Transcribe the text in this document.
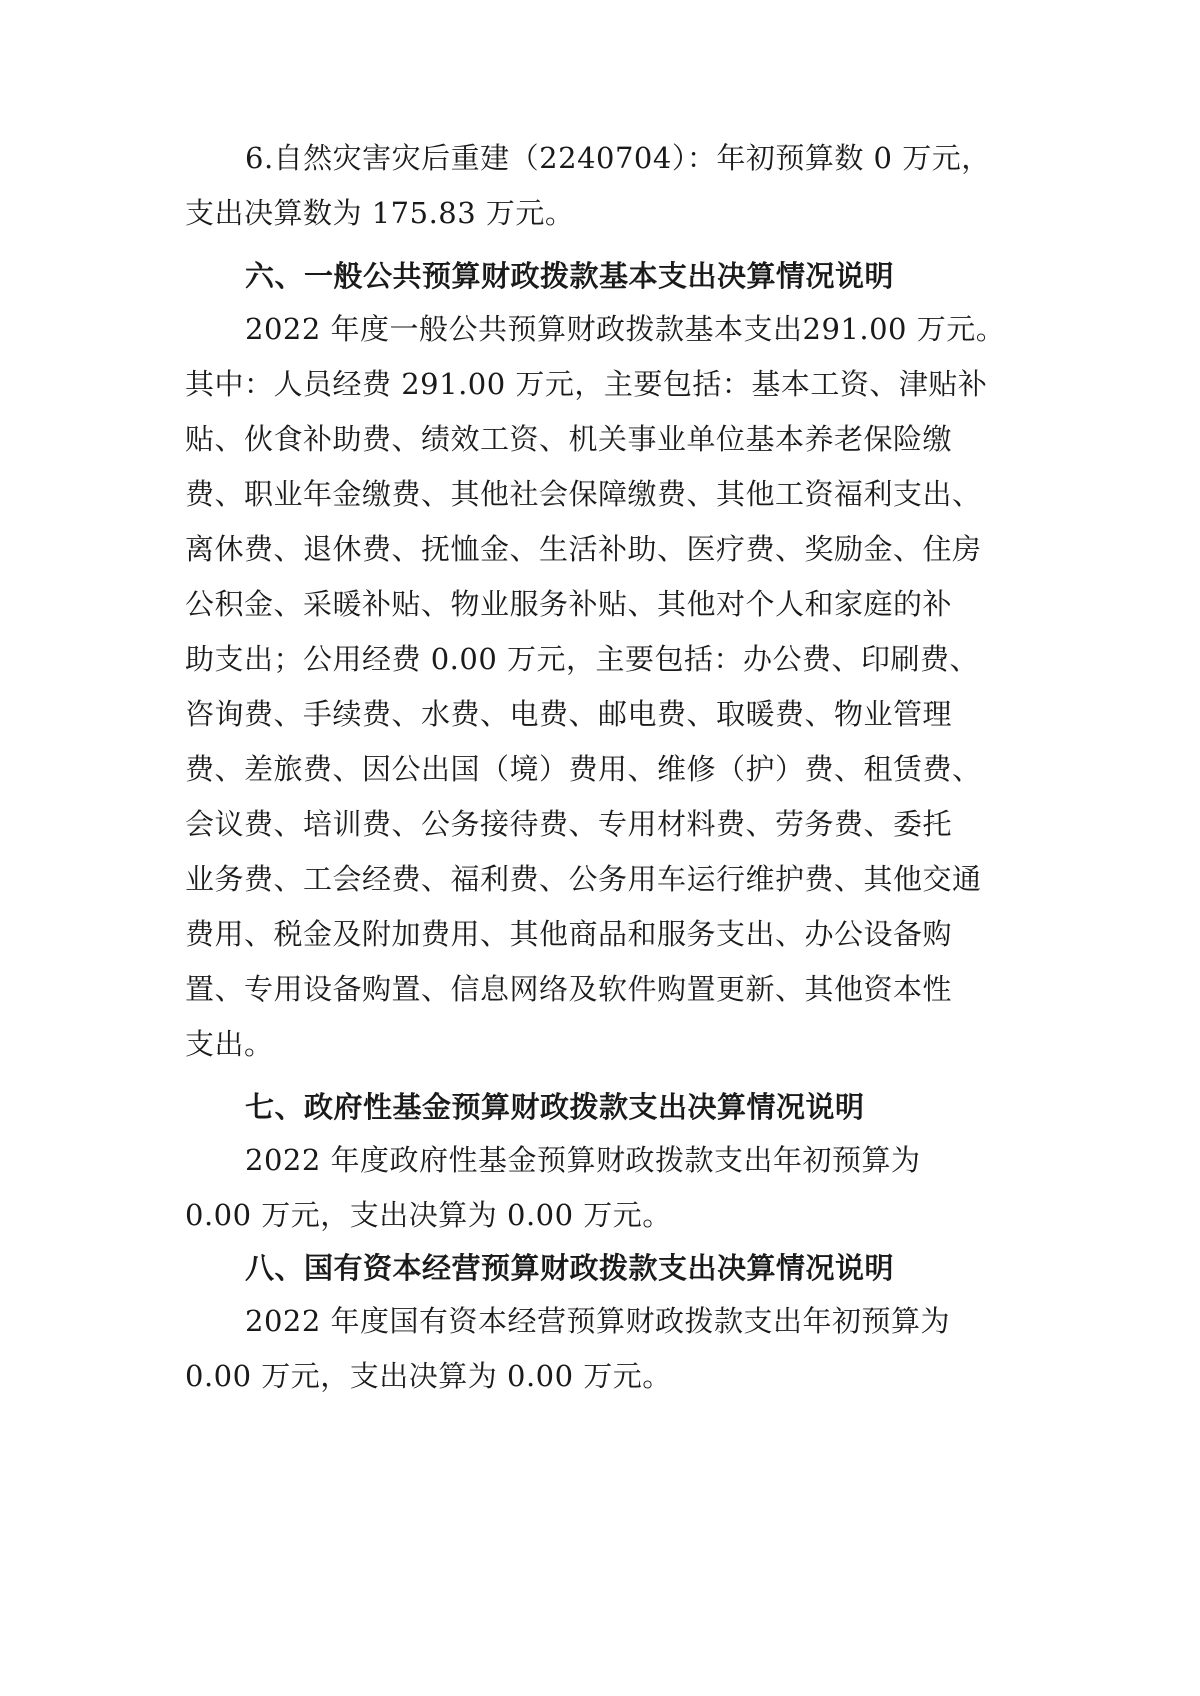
6.自然灾害灾后重建（2240704）：年初预算数 0 万元，
支出决算数为 175.83 万元。
六、一般公共预算财政拨款基本支出决算情况说明
2022 年度一般公共预算财政拨款基本支出291.00 万元。
其中：人员经费 291.00 万元，主要包括：基本工资、津贴补
贴、伙食补助费、绩效工资、机关事业单位基本养老保险缴
费、职业年金缴费、其他社会保障缴费、其他工资福利支出、
离休费、退休费、抚恤金、生活补助、医疗费、奖励金、住房
公积金、采暖补贴、物业服务补贴、其他对个人和家庭的补
助支出；公用经费 0.00 万元，主要包括：办公费、印刷费、
咨询费、手续费、水费、电费、邮电费、取暖费、物业管理
费、差旅费、因公出国（境）费用、维修（护）费、租赁费、
会议费、培训费、公务接待费、专用材料费、劳务费、委托
业务费、工会经费、福利费、公务用车运行维护费、其他交通
费用、税金及附加费用、其他商品和服务支出、办公设备购
置、专用设备购置、信息网络及软件购置更新、其他资本性
支出。
七、政府性基金预算财政拨款支出决算情况说明
2022 年度政府性基金预算财政拨款支出年初预算为
0.00 万元，支出决算为 0.00 万元。
八、国有资本经营预算财政拨款支出决算情况说明
2022 年度国有资本经营预算财政拨款支出年初预算为
0.00 万元，支出决算为 0.00 万元。
